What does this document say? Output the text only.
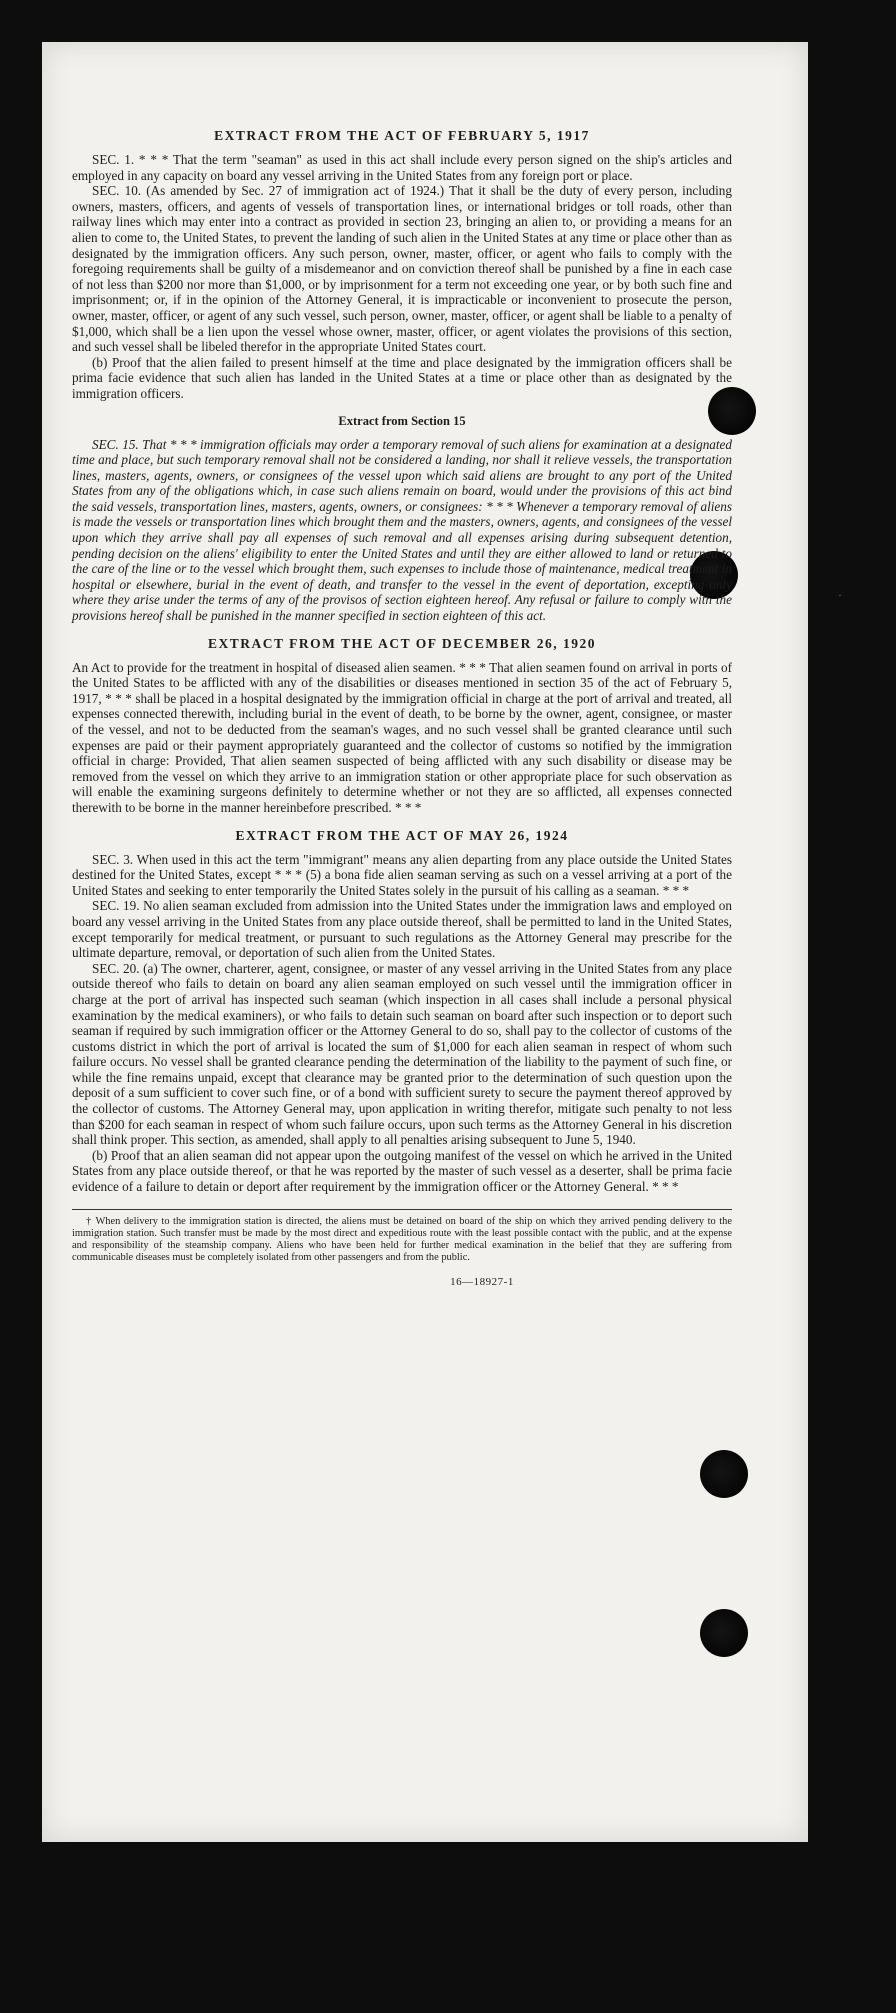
EXTRACT FROM THE ACT OF FEBRUARY 5, 1917

SEC. 1. * * * That the term "seaman" as used in this act shall include every person signed on the ship's articles and employed in any capacity on board any vessel arriving in the United States from any foreign port or place.

SEC. 10. (As amended by Sec. 27 of immigration act of 1924.) That it shall be the duty of every person, including owners, masters, officers, and agents of vessels of transportation lines, or international bridges or toll roads, other than railway lines which may enter into a contract as provided in section 23, bringing an alien to, or providing a means for an alien to come to, the United States, to prevent the landing of such alien in the United States at any time or place other than as designated by the immigration officers. Any such person, owner, master, officer, or agent who fails to comply with the foregoing requirements shall be guilty of a misdemeanor and on conviction thereof shall be punished by a fine in each case of not less than $200 nor more than $1,000, or by imprisonment for a term not exceeding one year, or by both such fine and imprisonment; or, if in the opinion of the Attorney General, it is impracticable or inconvenient to prosecute the person, owner, master, officer, or agent of any such vessel, such person, owner, master, officer, or agent shall be liable to a penalty of $1,000, which shall be a lien upon the vessel whose owner, master, officer, or agent violates the provisions of this section, and such vessel shall be libeled therefor in the appropriate United States court.

(b) Proof that the alien failed to present himself at the time and place designated by the immigration officers shall be prima facie evidence that such alien has landed in the United States at a time or place other than as designated by the immigration officers.

Extract from Section 15

SEC. 15. That * * * immigration officials may order a temporary removal of such aliens for examination at a designated time and place, but such temporary removal shall not be considered a landing, nor shall it relieve vessels, the transportation lines, masters, agents, owners, or consignees of the vessel upon which said aliens are brought to any port of the United States from any of the obligations which, in case such aliens remain on board, would under the provisions of this act bind the said vessels, transportation lines, masters, agents, owners, or consignees: * * * Whenever a temporary removal of aliens is made the vessels or transportation lines which brought them and the masters, owners, agents, and consignees of the vessel upon which they arrive shall pay all expenses of such removal and all expenses arising during subsequent detention, pending decision on the aliens' eligibility to enter the United States and until they are either allowed to land or returned to the care of the line or to the vessel which brought them, such expenses to include those of maintenance, medical treatment in hospital or elsewhere, burial in the event of death, and transfer to the vessel in the event of deportation, excepting only where they arise under the terms of any of the provisos of section eighteen hereof. Any refusal or failure to comply with the provisions hereof shall be punished in the manner specified in section eighteen of this act.

EXTRACT FROM THE ACT OF DECEMBER 26, 1920

An Act to provide for the treatment in hospital of diseased alien seamen. * * * That alien seamen found on arrival in ports of the United States to be afflicted with any of the disabilities or diseases mentioned in section 35 of the act of February 5, 1917, * * * shall be placed in a hospital designated by the immigration official in charge at the port of arrival and treated, all expenses connected therewith, including burial in the event of death, to be borne by the owner, agent, consignee, or master of the vessel, and not to be deducted from the seaman's wages, and no such vessel shall be granted clearance until such expenses are paid or their payment appropriately guaranteed and the collector of customs so notified by the immigration official in charge: Provided, That alien seamen suspected of being afflicted with any such disability or disease may be removed from the vessel on which they arrive to an immigration station or other appropriate place for such observation as will enable the examining surgeons definitely to determine whether or not they are so afflicted, all expenses connected therewith to be borne in the manner hereinbefore prescribed. * * *

EXTRACT FROM THE ACT OF MAY 26, 1924

SEC. 3. When used in this act the term "immigrant" means any alien departing from any place outside the United States destined for the United States, except * * * (5) a bona fide alien seaman serving as such on a vessel arriving at a port of the United States and seeking to enter temporarily the United States solely in the pursuit of his calling as a seaman. * * *

SEC. 19. No alien seaman excluded from admission into the United States under the immigration laws and employed on board any vessel arriving in the United States from any place outside thereof, shall be permitted to land in the United States, except temporarily for medical treatment, or pursuant to such regulations as the Attorney General may prescribe for the ultimate departure, removal, or deportation of such alien from the United States.

SEC. 20. (a) The owner, charterer, agent, consignee, or master of any vessel arriving in the United States from any place outside thereof who fails to detain on board any alien seaman employed on such vessel until the immigration officer in charge at the port of arrival has inspected such seaman (which inspection in all cases shall include a personal physical examination by the medical examiners), or who fails to detain such seaman on board after such inspection or to deport such seaman if required by such immigration officer or the Attorney General to do so, shall pay to the collector of customs of the customs district in which the port of arrival is located the sum of $1,000 for each alien seaman in respect of whom such failure occurs. No vessel shall be granted clearance pending the determination of the liability to the payment of such fine, or while the fine remains unpaid, except that clearance may be granted prior to the determination of such question upon the deposit of a sum sufficient to cover such fine, or of a bond with sufficient surety to secure the payment thereof approved by the collector of customs. The Attorney General may, upon application in writing therefor, mitigate such penalty to not less than $200 for each seaman in respect of whom such failure occurs, upon such terms as the Attorney General in his discretion shall think proper. This section, as amended, shall apply to all penalties arising subsequent to June 5, 1940.

(b) Proof that an alien seaman did not appear upon the outgoing manifest of the vessel on which he arrived in the United States from any place outside thereof, or that he was reported by the master of such vessel as a deserter, shall be prima facie evidence of a failure to detain or deport after requirement by the immigration officer or the Attorney General. * * *

† When delivery to the immigration station is directed, the aliens must be detained on board of the ship on which they arrived pending delivery to the immigration station. Such transfer must be made by the most direct and expeditious route with the least possible contact with the public, and at the expense and responsibility of the steamship company. Aliens who have been held for further medical examination in the belief that they are suffering from communicable diseases must be completely isolated from other passengers and from the public.

16—18927-1
·
